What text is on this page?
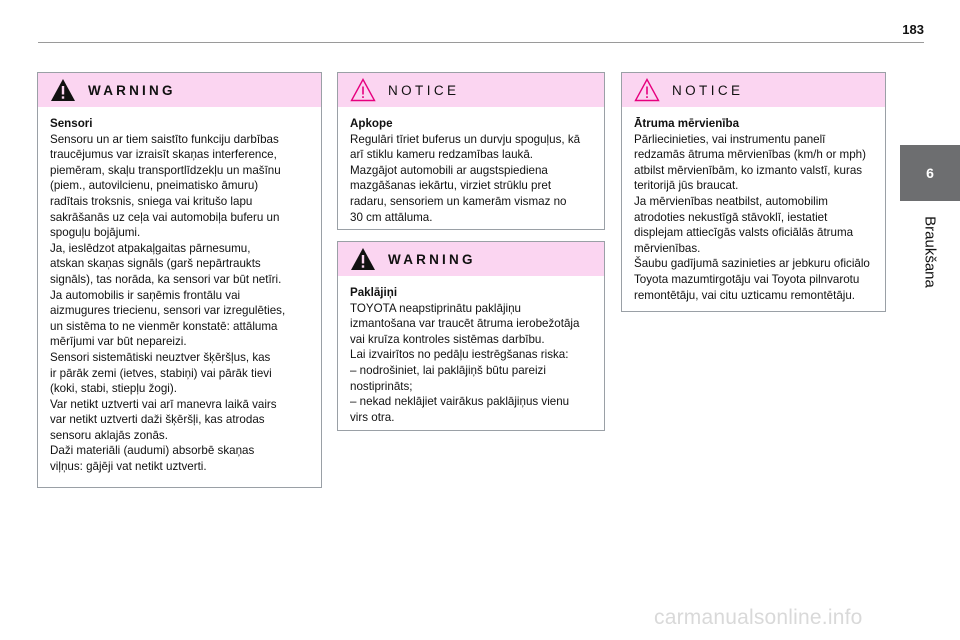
183
6
Braukšana
WARNING

Sensori

Sensoru un ar tiem saistīto funkciju darbības
traucējumus var izraisīt skaņas interference,
piemēram, skaļu transportlīdzekļu un mašīnu
(piem., autovilcienu, pneimatisko āmuru)
radītais troksnis, sniega vai kritušo lapu
sakrāšanās uz ceļa vai automobiļa buferu un
spoguļu bojājumi.
Ja, ieslēdzot atpakaļgaitas pārnesumu,
atskan skaņas signāls (garš nepārtraukts
signāls), tas norāda, ka sensori var būt netīri.
Ja automobilis ir saņēmis frontālu vai
aizmugures triecienu, sensori var izregulēties,
un sistēma to ne vienmēr konstatē: attāluma
mērījumi var būt nepareizi.
Sensori sistemātiski neuztver šķēršļus, kas
ir pārāk zemi (ietves, stabiņi) vai pārāk tievi
(koki, stabi, stiepļu žogi).
Var netikt uztverti vai arī manevra laikā vairs
var netikt uztverti daži šķēršļi, kas atrodas
sensoru aklajās zonās.
Daži materiāli (audumi) absorbē skaņas
viļņus: gājēji vat netikt uztverti.

NOTICE

Apkope

Regulāri tīriet buferus un durvju spoguļus, kā
arī stiklu kameru redzamības laukā.
Mazgājot automobili ar augstspiediena
mazgāšanas iekārtu, virziet strūklu pret
radaru, sensoriem un kamerām vismaz no
30 cm attāluma.

WARNING

Paklājiņi

TOYOTA neapstiprinātu paklājiņu
izmantošana var traucēt ātruma ierobežotāja
vai kruīza kontroles sistēmas darbību.
Lai izvairītos no pedāļu iestrēgšanas riska:
– nodrošiniet, lai paklājiņš būtu pareizi
nostiprināts;
– nekad neklājiet vairākus paklājiņus vienu
virs otra.

NOTICE

Ātruma mērvienība

Pārliecinieties, vai instrumentu panelī
redzamās ātruma mērvienības (km/h or mph)
atbilst mērvienībām, ko izmanto valstī, kuras
teritorijā jūs braucat.
Ja mērvienības neatbilst, automobilim
atrodoties nekustīgā stāvoklī, iestatiet
displejam attiecīgās valsts oficiālās ātruma
mērvienības.
Šaubu gadījumā sazinieties ar jebkuru oficiālo
Toyota mazumtirgotāju vai Toyota pilnvarotu
remontētāju, vai citu uzticamu remontētāju.

carmanualsonline.info
